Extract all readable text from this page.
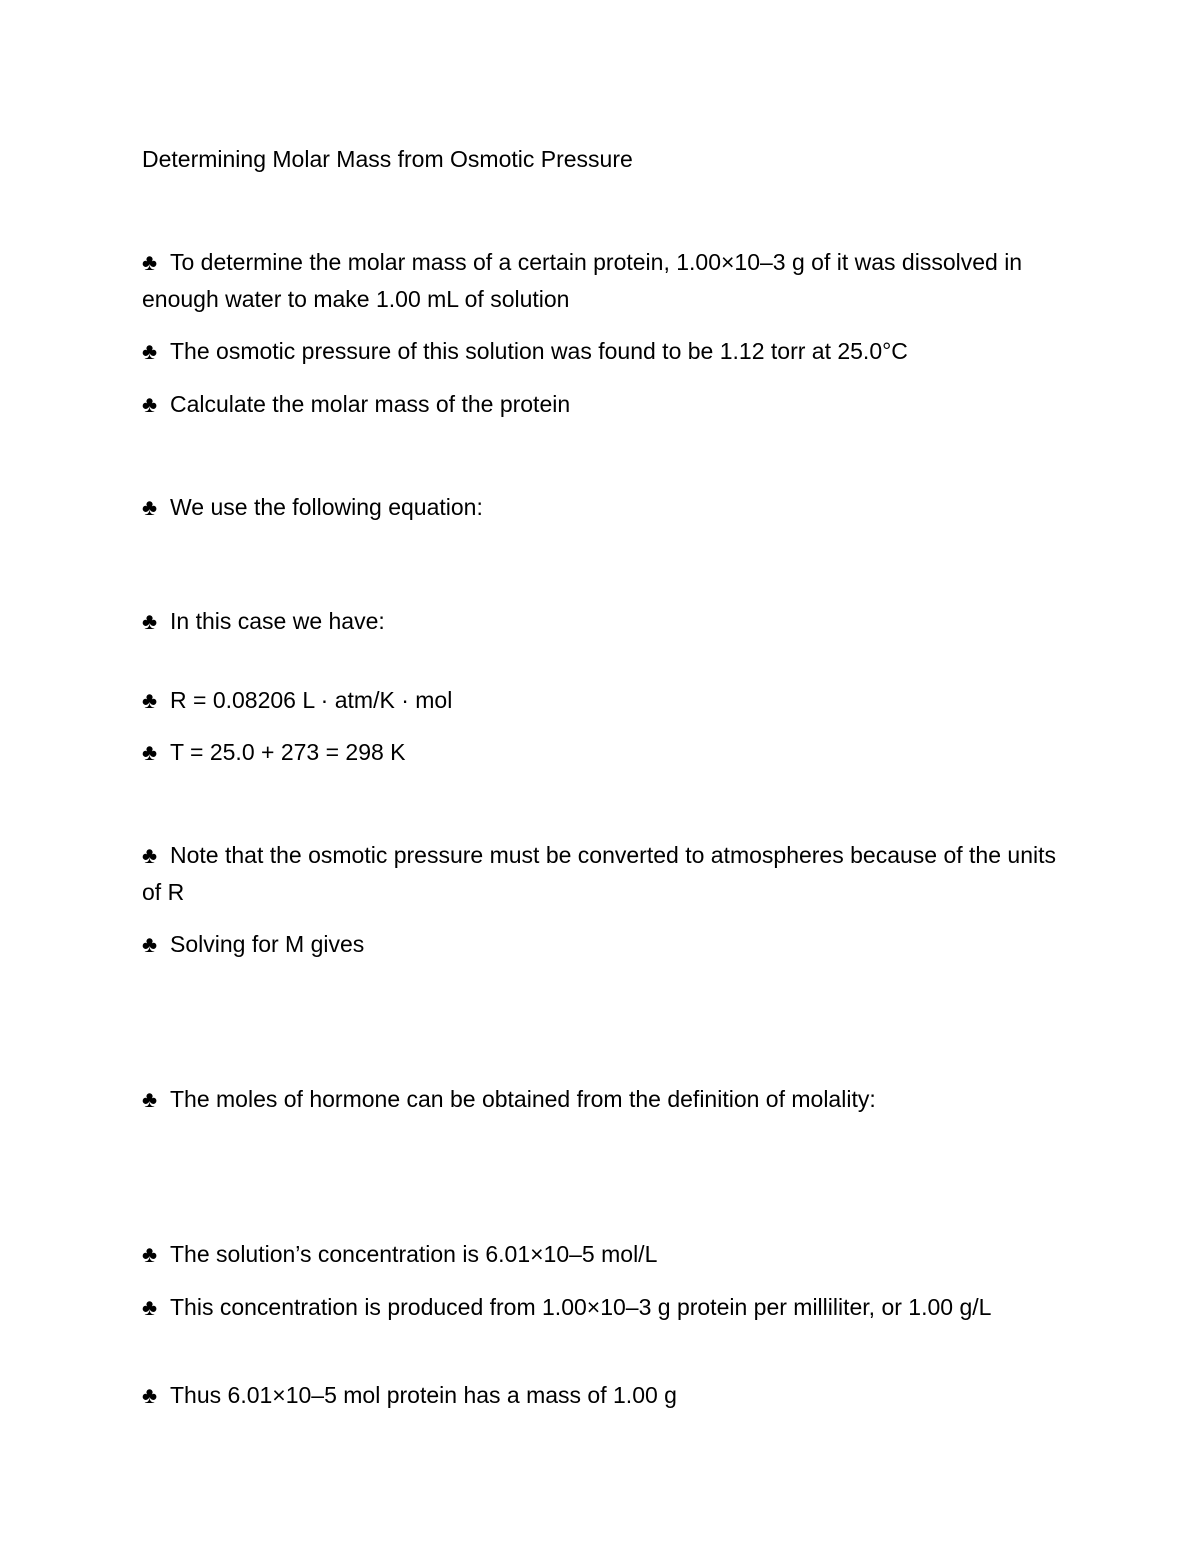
Determining Molar Mass from Osmotic Pressure
♣ To determine the molar mass of a certain protein, 1.00×10–3 g of it was dissolved in enough water to make 1.00 mL of solution
♣ The osmotic pressure of this solution was found to be 1.12 torr at 25.0°C
♣ Calculate the molar mass of the protein
♣ We use the following equation:
♣ In this case we have:
♣ R = 0.08206 L · atm/K · mol
♣ T = 25.0 + 273 = 298 K
♣ Note that the osmotic pressure must be converted to atmospheres because of the units of R
♣ Solving for M gives
♣ The moles of hormone can be obtained from the definition of molality:
♣ The solution’s concentration is 6.01×10–5 mol/L
♣ This concentration is produced from 1.00×10–3 g protein per milliliter, or 1.00 g/L
♣ Thus 6.01×10–5 mol protein has a mass of 1.00 g
